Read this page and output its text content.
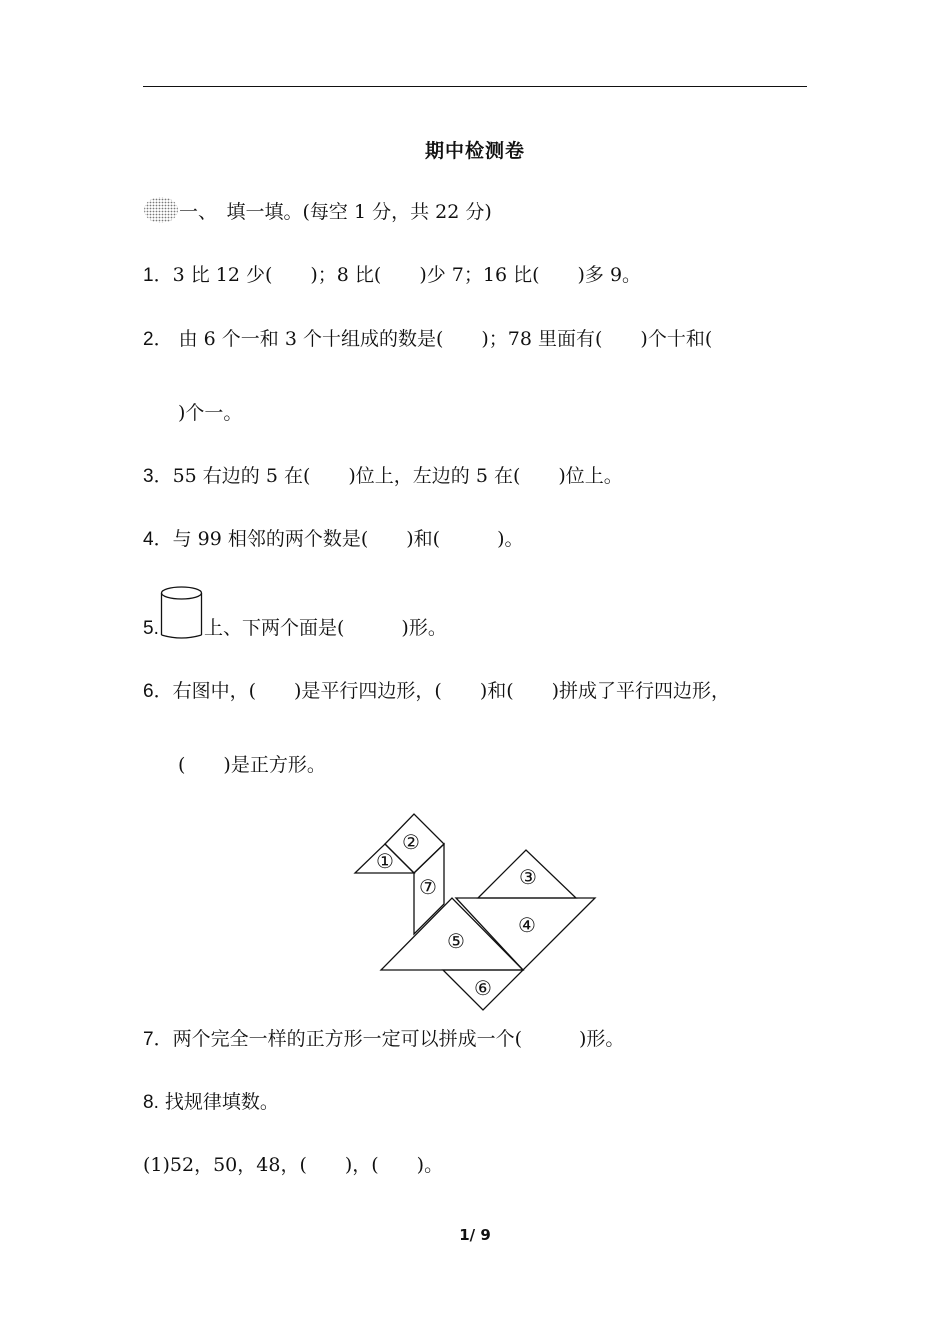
期中检测卷
一、　填一填。(每空 1 分，共 22 分)
1．3 比 12 少(　　)；8 比(　　)少 7；16 比(　　)多 9。
2． 由 6 个一和 3 个十组成的数是(　　)；78 里面有(　　)个十和(
)个一。
3．55 右边的 5 在(　　)位上，左边的 5 在(　　)位上。
4．与 99 相邻的两个数是(　　)和(　　　)。
5. 上、下两个面是(　　　)形。
6．右图中，(　　)是平行四边形，(　　)和(　　)拼成了平行四边形，
(　　)是正方形。
①
②
③
④
⑤
⑥
⑦
7．两个完全一样的正方形一定可以拼成一个(　　　)形。
8. 找规律填数。
(1)52，50，48，(　　)，(　　)。
1/ 9
